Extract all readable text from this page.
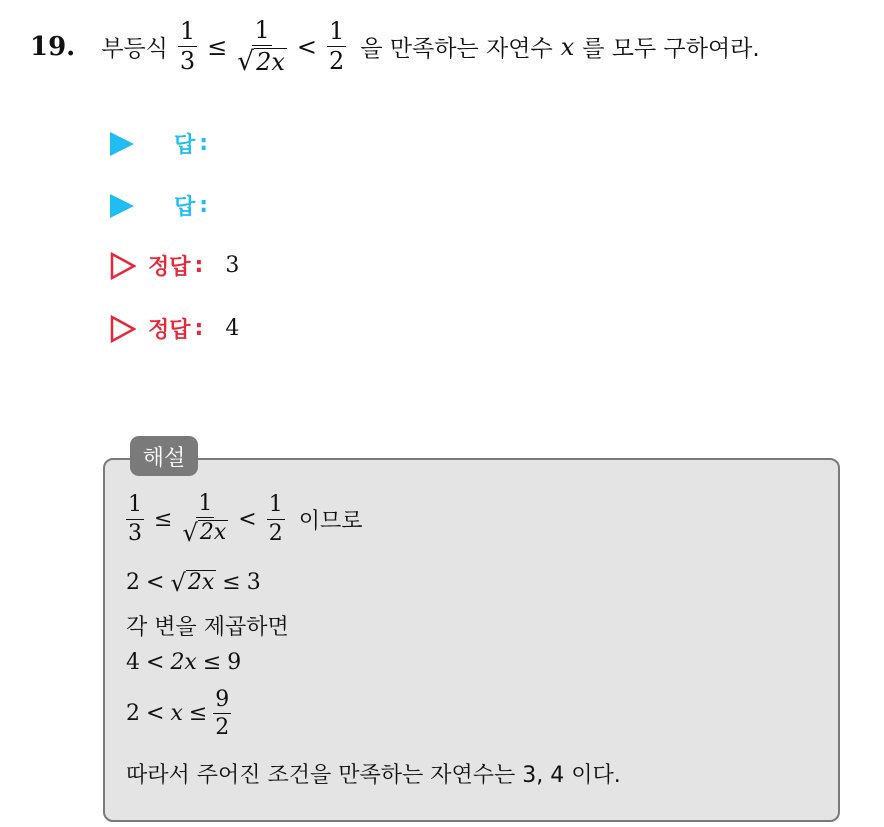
19. 부등식 $\frac{1}{3} \le \frac{1}{√ 2x} < \frac{1}{2}$ 을 만족하는 자연수 x 를 모두 구하여라.
답 :
답 :
정답 : 3
정답 : 4
해설
$\frac{1}{3} \le \frac{1}{√ 2x} < \frac{1}{2}$ 이므로
2 < √ 2x ≤ 3
각 변을 제곱하면
4 < 2x ≤ 9
$2 < x \le \frac{9}{2}$
따라서 주어진 조건을 만족하는 자연수는 3, 4 이다.
